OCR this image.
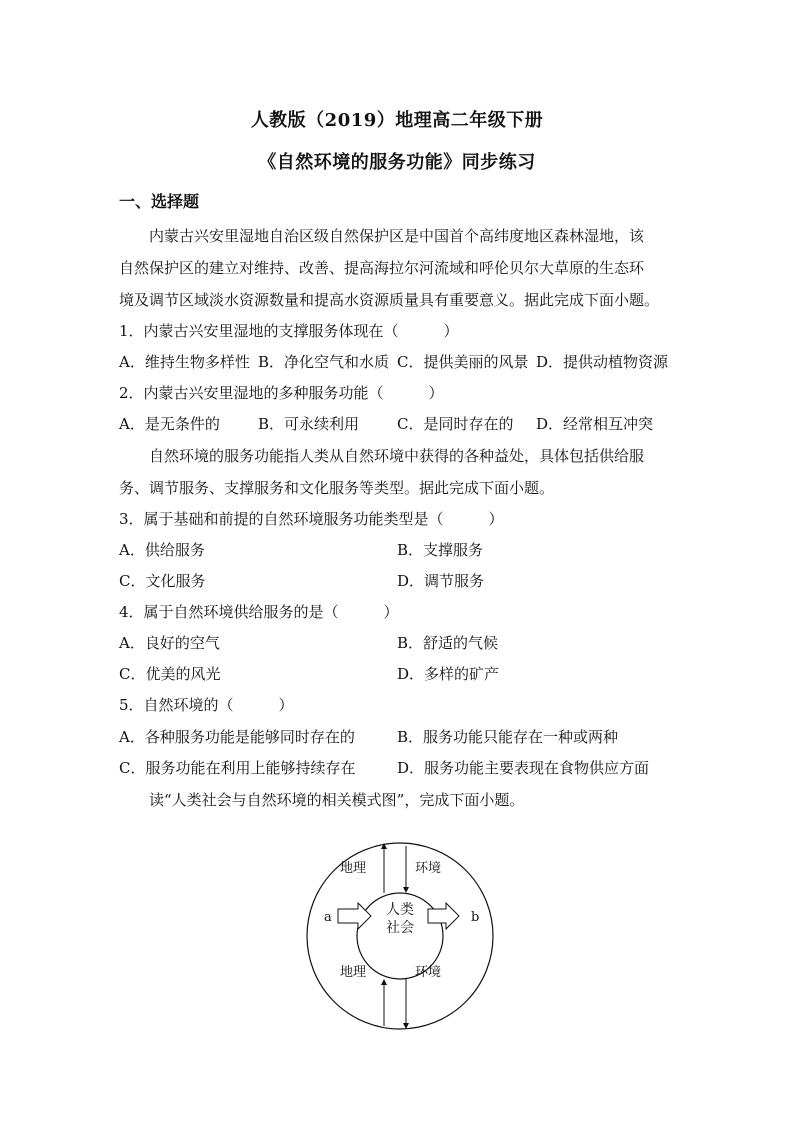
人教版（2019）地理高二年级下册
《自然环境的服务功能》同步练习
一、选择题
内蒙古兴安里湿地自治区级自然保护区是中国首个高纬度地区森林湿地，该
自然保护区的建立对维持、改善、提高海拉尔河流域和呼伦贝尔大草原的生态环
境及调节区域淡水资源数量和提高水资源质量具有重要意义。据此完成下面小题。
1．内蒙古兴安里湿地的支撑服务体现在（　　　）
A．维持生物多样性 B．净化空气和水质 C．提供美丽的风景 D．提供动植物资源
2．内蒙古兴安里湿地的多种服务功能（　　　）
A．是无条件的	B．可永续利用	C．是同时存在的 D．经常相互冲突
自然环境的服务功能指人类从自然环境中获得的各种益处，具体包括供给服
务、调节服务、支撑服务和文化服务等类型。据此完成下面小题。
3．属于基础和前提的自然环境服务功能类型是（　　　）
A．供给服务	B．支撑服务
C．文化服务	D．调节服务
4．属于自然环境供给服务的是（　　　）
A．良好的空气	B．舒适的气候
C．优美的风光	D．多样的矿产
5．自然环境的（　　　）
A．各种服务功能是能够同时存在的	B．服务功能只能存在一种或两种
C．服务功能在利用上能够持续存在	D．服务功能主要表现在食物供应方面
读“人类社会与自然环境的相关模式图”，完成下面小题。
地理	环境
地理	环境
人类
社会
a	b
